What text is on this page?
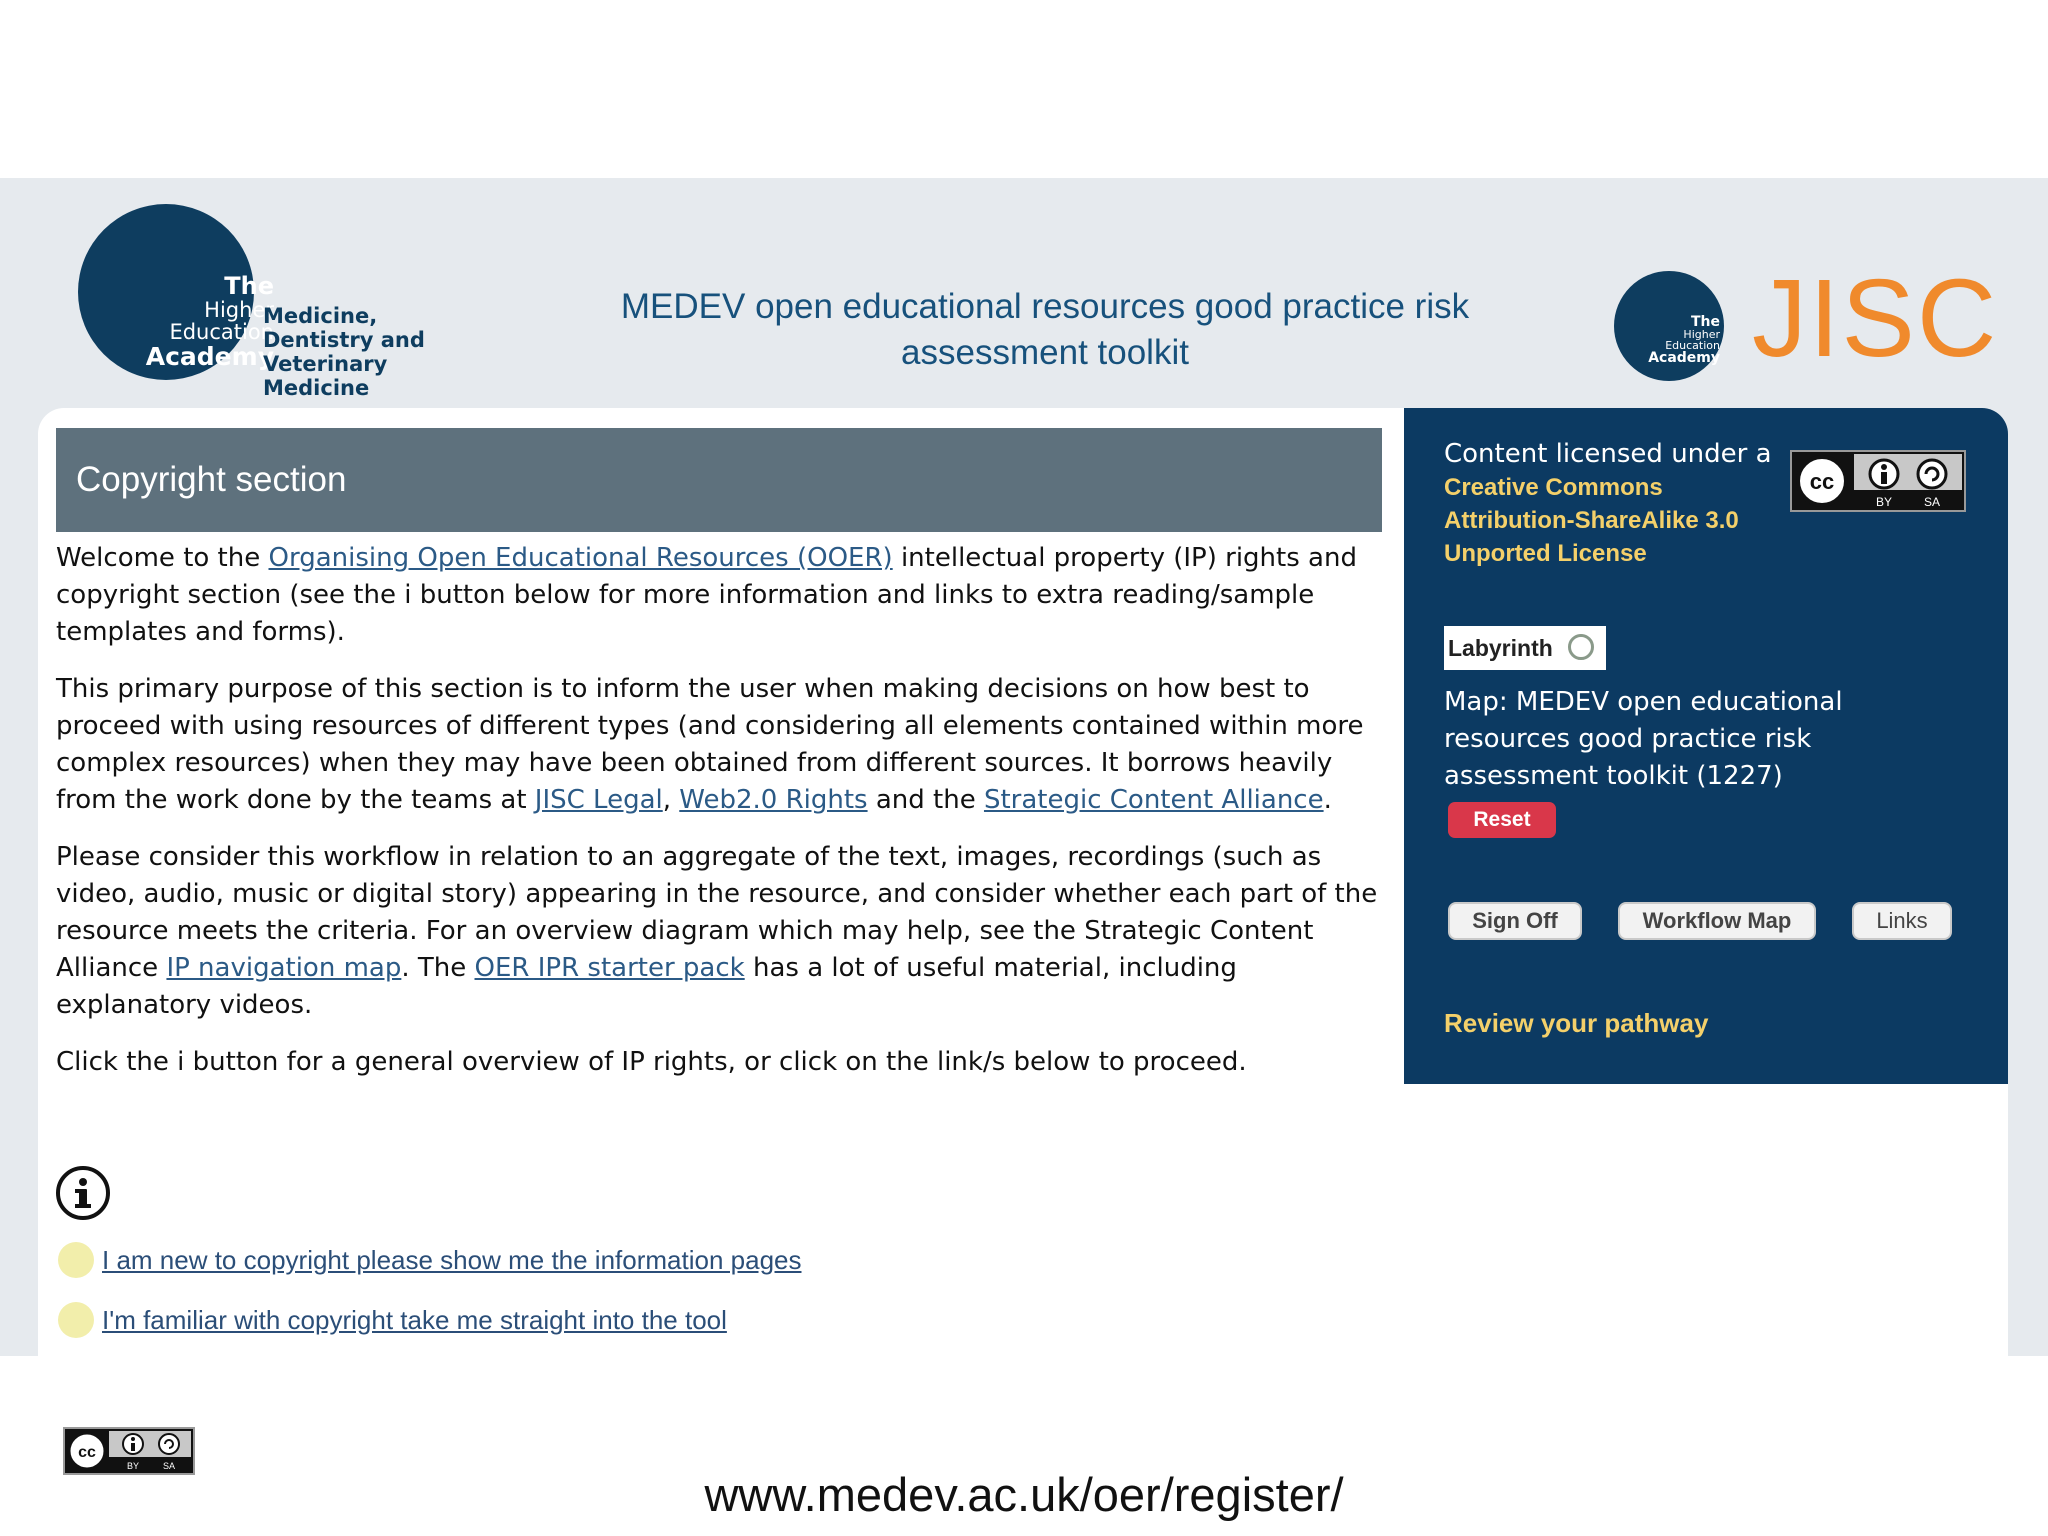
The
Higher
Education
Academy
Medicine,
Dentistry and
Veterinary Medicine
MEDEV open educational resources good practice risk
assessment toolkit
The
Higher
Education
Academy JISC
Copyright section

Welcome to the Organising Open Educational Resources (OOER) intellectual property (IP) rights and copyright section (see the i button below for more information and links to extra reading/sample templates and forms).

This primary purpose of this section is to inform the user when making decisions on how best to proceed with using resources of different types (and considering all elements contained within more complex resources) when they may have been obtained from different sources. It borrows heavily from the work done by the teams at JISC Legal, Web2.0 Rights and the Strategic Content Alliance.

Please consider this workflow in relation to an aggregate of the text, images, recordings (such as video, audio, music or digital story) appearing in the resource, and consider whether each part of the resource meets the criteria. For an overview diagram which may help, see the Strategic Content Alliance IP navigation map. The OER IPR starter pack has a lot of useful material, including explanatory videos.

Click the i button for a general overview of IP rights, or click on the link/s below to proceed.

I am new to copyright please show me the information pages
I'm familiar with copyright take me straight into the tool
Content licensed under a
Creative Commons Attribution-ShareAlike 3.0 Unported License
cc
BY	SA
Labyrinth
Map: MEDEV open educational resources good practice risk assessment toolkit (1227)
Reset
Sign Off	Workflow Map	Links
Review your pathway
cc
BY	SA
www.medev.ac.uk/oer/register/
